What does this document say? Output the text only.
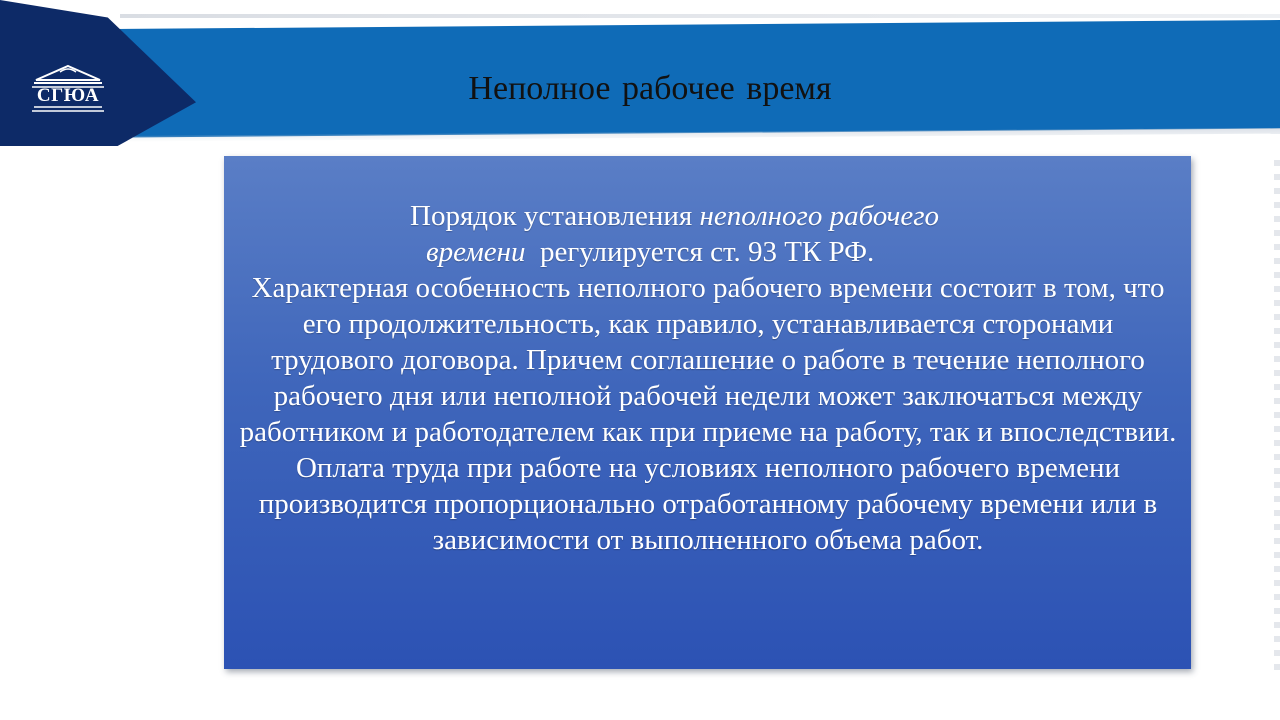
СГЮА	Неполное рабочее время
Порядок установления неполного рабочего
времени  регулируется ст. 93 ТК РФ.
Характерная особенность неполного рабочего времени состоит в том, что его продолжительность, как правило, устанавливается сторонами трудового договора. Причем соглашение о работе в течение неполного рабочего дня или неполной рабочей недели может заключаться между работником и работодателем как при приеме на работу, так и впоследствии. Оплата труда при работе на условиях неполного рабочего времени производится пропорционально отработанному рабочему времени или в зависимости от выполненного объема работ.
